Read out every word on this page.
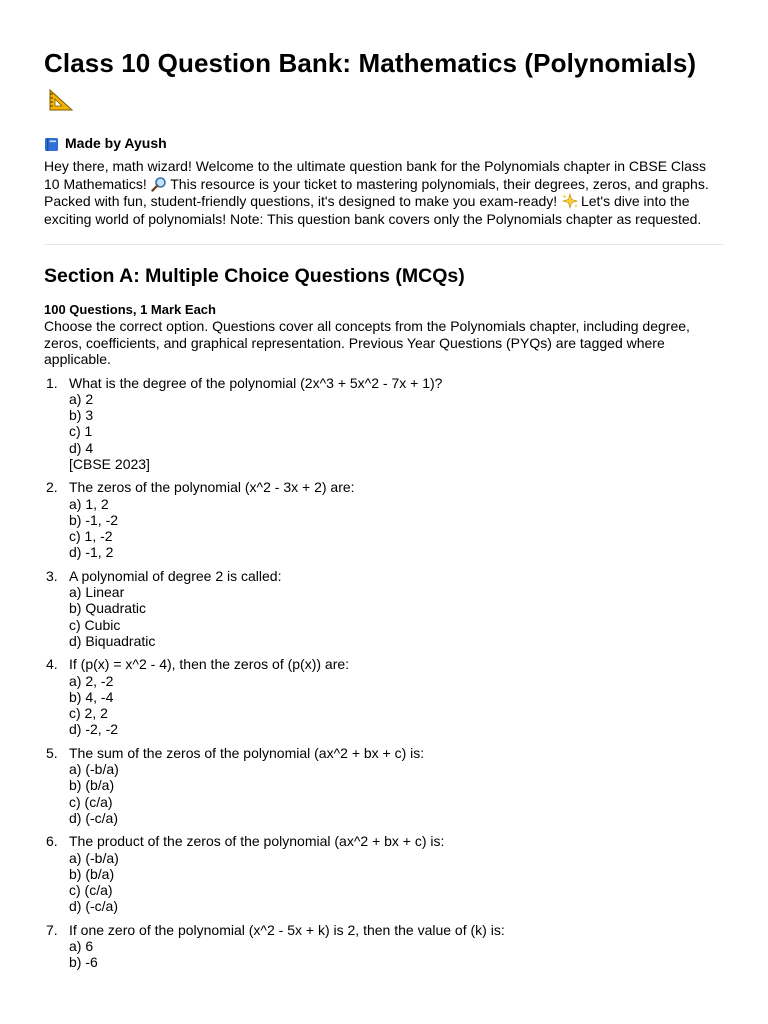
Class 10 Question Bank: Mathematics (Polynomials)
Made by Ayush
Hey there, math wizard! Welcome to the ultimate question bank for the Polynomials chapter in CBSE Class 10 Mathematics! This resource is your ticket to mastering polynomials, their degrees, zeros, and graphs. Packed with fun, student-friendly questions, it's designed to make you exam-ready! Let's dive into the exciting world of polynomials! Note: This question bank covers only the Polynomials chapter as requested.
Section A: Multiple Choice Questions (MCQs)
100 Questions, 1 Mark Each
Choose the correct option. Questions cover all concepts from the Polynomials chapter, including degree, zeros, coefficients, and graphical representation. Previous Year Questions (PYQs) are tagged where applicable.
1. What is the degree of the polynomial (2x^3 + 5x^2 - 7x + 1)?
a) 2
b) 3
c) 1
d) 4
[CBSE 2023]
2. The zeros of the polynomial (x^2 - 3x + 2) are:
a) 1, 2
b) -1, -2
c) 1, -2
d) -1, 2
3. A polynomial of degree 2 is called:
a) Linear
b) Quadratic
c) Cubic
d) Biquadratic
4. If (p(x) = x^2 - 4), then the zeros of (p(x)) are:
a) 2, -2
b) 4, -4
c) 2, 2
d) -2, -2
5. The sum of the zeros of the polynomial (ax^2 + bx + c) is:
a) (-b/a)
b) (b/a)
c) (c/a)
d) (-c/a)
6. The product of the zeros of the polynomial (ax^2 + bx + c) is:
a) (-b/a)
b) (b/a)
c) (c/a)
d) (-c/a)
7. If one zero of the polynomial (x^2 - 5x + k) is 2, then the value of (k) is:
a) 6
b) -6
